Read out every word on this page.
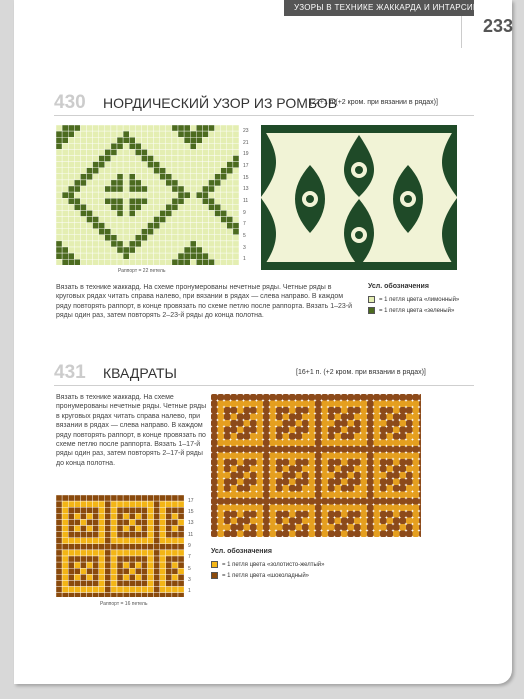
УЗОРЫ В ТЕХНИКЕ ЖАККАРДА И ИНТАРСИИ
233
430 НОРДИЧЕСКИЙ УЗОР ИЗ РОМБОВ
[22+1 п.(+2 кром. при вязании в рядах)]
23
21
19
17
15
13
11
9
7
5
3
1
Раппорт = 22 петель

Вязать в технике жаккард. На схеме пронумерованы нечетные ряды. Четные ряды в круговых рядах читать справа налево, при вязании в рядах — слева направо. В каждом ряду повторять раппорт, в конце провязать по схеме петлю после раппорта. Вязать 1–23-й ряды один раз, затем повторять 2–23-й ряды до конца полотна.

Усл. обозначения
= 1 петля цвета «лимонный»
= 1 петля цвета «зеленый»
431 КВАДРАТЫ	[16+1 п. (+2 кром. при вязании в рядах)]

Вязать в технике жаккард. На схеме пронумерованы нечетные ряды. Четные ряды в круговых рядах читать справа налево, при вязании в рядах — слева направо. В каждом ряду повторять раппорт, в конце провязать по схеме петлю после раппорта. Вязать 1–17-й ряды один раз, затем повторять 2–17-й ряды до конца полотна.

17
15
13
11
9
7
5
3
1
Раппорт = 16 петель
Усл. обозначения
= 1 петля цвета «золотисто-желтый»
= 1 петля цвета «шоколадный»
